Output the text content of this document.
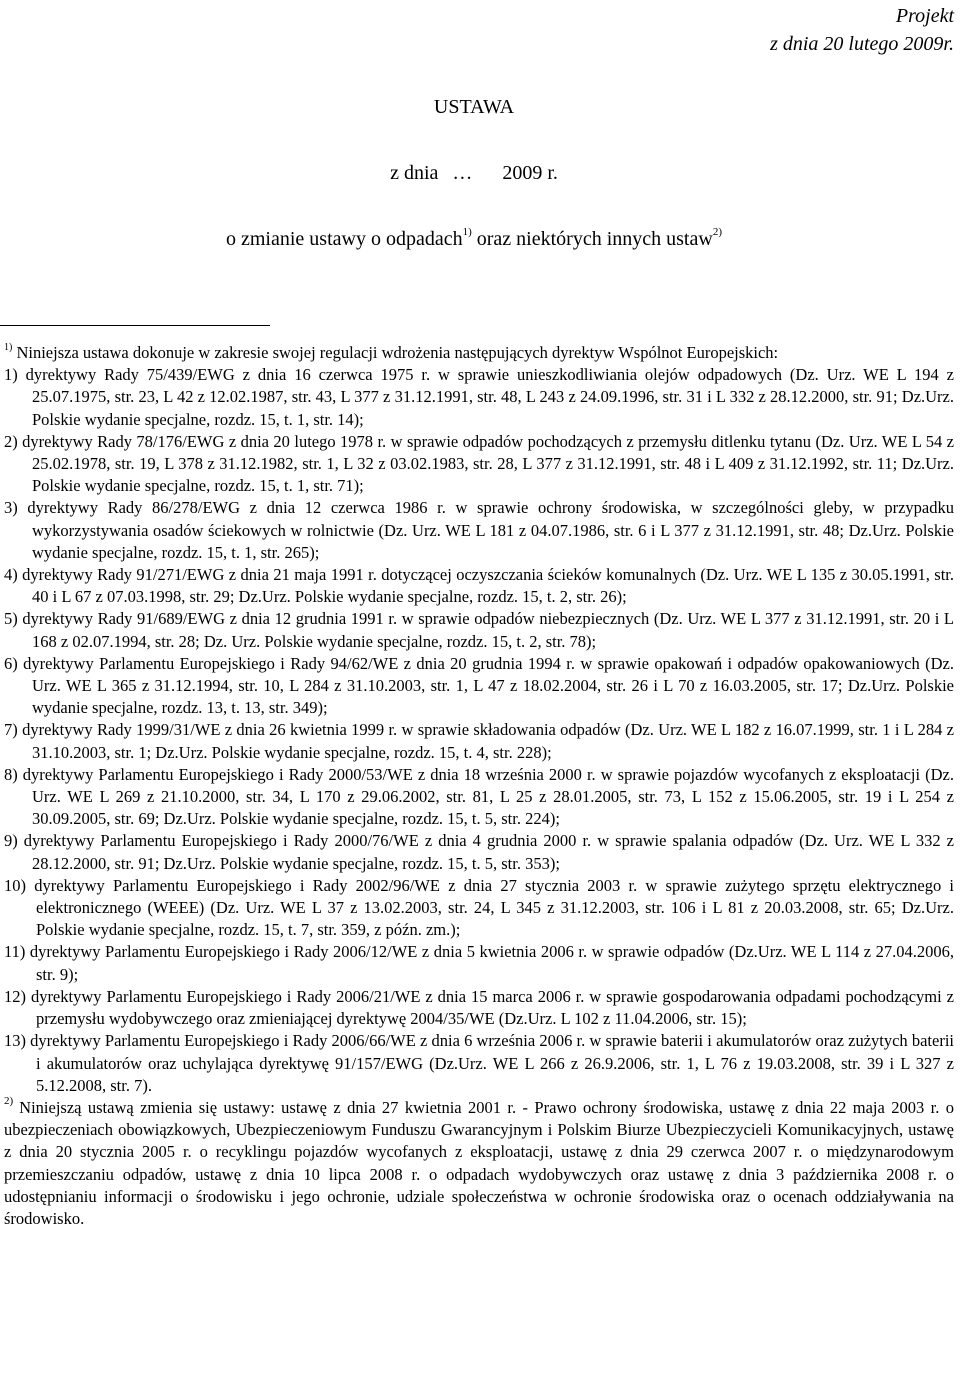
Projekt
z dnia 20 lutego 2009r.
USTAWA
z dnia … 2009 r.
o zmianie ustawy o odpadach$^{1)}$ oraz niektórych innych ustaw$^{2)}$

$^{1)}$ Niniejsza ustawa dokonuje w zakresie swojej regulacji wdrożenia następujących dyrektyw Wspólnot Europejskich:

1) dyrektywy Rady 75/439/EWG z dnia 16 czerwca 1975 r. w sprawie unieszkodliwiania olejów odpadowych (Dz. Urz. WE L 194 z 25.07.1975, str. 23, L 42 z 12.02.1987, str. 43, L 377 z 31.12.1991, str. 48, L 243 z 24.09.1996, str. 31 i L 332 z 28.12.2000, str. 91; Dz.Urz. Polskie wydanie specjalne, rozdz. 15, t. 1, str. 14);

2) dyrektywy Rady 78/176/EWG z dnia 20 lutego 1978 r. w sprawie odpadów pochodzących z przemysłu ditlenku tytanu (Dz. Urz. WE L 54 z 25.02.1978, str. 19, L 378 z 31.12.1982, str. 1, L 32 z 03.02.1983, str. 28, L 377 z 31.12.1991, str. 48 i L 409 z 31.12.1992, str. 11; Dz.Urz. Polskie wydanie specjalne, rozdz. 15, t. 1, str. 71);

3) dyrektywy Rady 86/278/EWG z dnia 12 czerwca 1986 r. w sprawie ochrony środowiska, w szczególności gleby, w przypadku wykorzystywania osadów ściekowych w rolnictwie (Dz. Urz. WE L 181 z 04.07.1986, str. 6 i L 377 z 31.12.1991, str. 48; Dz.Urz. Polskie wydanie specjalne, rozdz. 15, t. 1, str. 265);

4) dyrektywy Rady 91/271/EWG z dnia 21 maja 1991 r. dotyczącej oczyszczania ścieków komunalnych (Dz. Urz. WE L 135 z 30.05.1991, str. 40 i L 67 z 07.03.1998, str. 29; Dz.Urz. Polskie wydanie specjalne, rozdz. 15, t. 2, str. 26);

5) dyrektywy Rady 91/689/EWG z dnia 12 grudnia 1991 r. w sprawie odpadów niebezpiecznych (Dz. Urz. WE L 377 z 31.12.1991, str. 20 i L 168 z 02.07.1994, str. 28; Dz. Urz. Polskie wydanie specjalne, rozdz. 15, t. 2, str. 78);

6) dyrektywy Parlamentu Europejskiego i Rady 94/62/WE z dnia 20 grudnia 1994 r. w sprawie opakowań i odpadów opakowaniowych (Dz. Urz. WE L 365 z 31.12.1994, str. 10, L 284 z 31.10.2003, str. 1, L 47 z 18.02.2004, str. 26 i L 70 z 16.03.2005, str. 17; Dz.Urz. Polskie wydanie specjalne, rozdz. 13, t. 13, str. 349);

7) dyrektywy Rady 1999/31/WE z dnia 26 kwietnia 1999 r. w sprawie składowania odpadów (Dz. Urz. WE L 182 z 16.07.1999, str. 1 i L 284 z 31.10.2003, str. 1; Dz.Urz. Polskie wydanie specjalne, rozdz. 15, t. 4, str. 228);

8) dyrektywy Parlamentu Europejskiego i Rady 2000/53/WE z dnia 18 września 2000 r. w sprawie pojazdów wycofanych z eksploatacji (Dz. Urz. WE L 269 z 21.10.2000, str. 34, L 170 z 29.06.2002, str. 81, L 25 z 28.01.2005, str. 73, L 152 z 15.06.2005, str. 19 i L 254 z 30.09.2005, str. 69; Dz.Urz. Polskie wydanie specjalne, rozdz. 15, t. 5, str. 224);

9) dyrektywy Parlamentu Europejskiego i Rady 2000/76/WE z dnia 4 grudnia 2000 r. w sprawie spalania odpadów (Dz. Urz. WE L 332 z 28.12.2000, str. 91; Dz.Urz. Polskie wydanie specjalne, rozdz. 15, t. 5, str. 353);

10) dyrektywy Parlamentu Europejskiego i Rady 2002/96/WE z dnia 27 stycznia 2003 r. w sprawie zużytego sprzętu elektrycznego i elektronicznego (WEEE) (Dz. Urz. WE L 37 z 13.02.2003, str. 24, L 345 z 31.12.2003, str. 106 i L 81 z 20.03.2008, str. 65; Dz.Urz. Polskie wydanie specjalne, rozdz. 15, t. 7, str. 359, z późn. zm.);

11) dyrektywy Parlamentu Europejskiego i Rady 2006/12/WE z dnia 5 kwietnia 2006 r. w sprawie odpadów (Dz.Urz. WE L 114 z 27.04.2006, str. 9);

12) dyrektywy Parlamentu Europejskiego i Rady 2006/21/WE z dnia 15 marca 2006 r. w sprawie gospodarowania odpadami pochodzącymi z przemysłu wydobywczego oraz zmieniającej dyrektywę 2004/35/WE (Dz.Urz. L 102 z 11.04.2006, str. 15);

13) dyrektywy Parlamentu Europejskiego i Rady 2006/66/WE z dnia 6 września 2006 r. w sprawie baterii i akumulatorów oraz zużytych baterii i akumulatorów oraz uchylająca dyrektywę 91/157/EWG (Dz.Urz. WE L 266 z 26.9.2006, str. 1, L 76 z 19.03.2008, str. 39 i L 327 z 5.12.2008, str. 7).

$^{2)}$ Niniejszą ustawą zmienia się ustawy: ustawę z dnia 27 kwietnia 2001 r. - Prawo ochrony środowiska, ustawę z dnia 22 maja 2003 r. o ubezpieczeniach obowiązkowych, Ubezpieczeniowym Funduszu Gwarancyjnym i Polskim Biurze Ubezpieczycieli Komunikacyjnych, ustawę z dnia 20 stycznia 2005 r. o recyklingu pojazdów wycofanych z eksploatacji, ustawę z dnia 29 czerwca 2007 r. o międzynarodowym przemieszczaniu odpadów, ustawę z dnia 10 lipca 2008 r. o odpadach wydobywczych oraz ustawę z dnia 3 października 2008 r. o udostępnianiu informacji o środowisku i jego ochronie, udziale społeczeństwa w ochronie środowiska oraz o ocenach oddziaływania na środowisko.
